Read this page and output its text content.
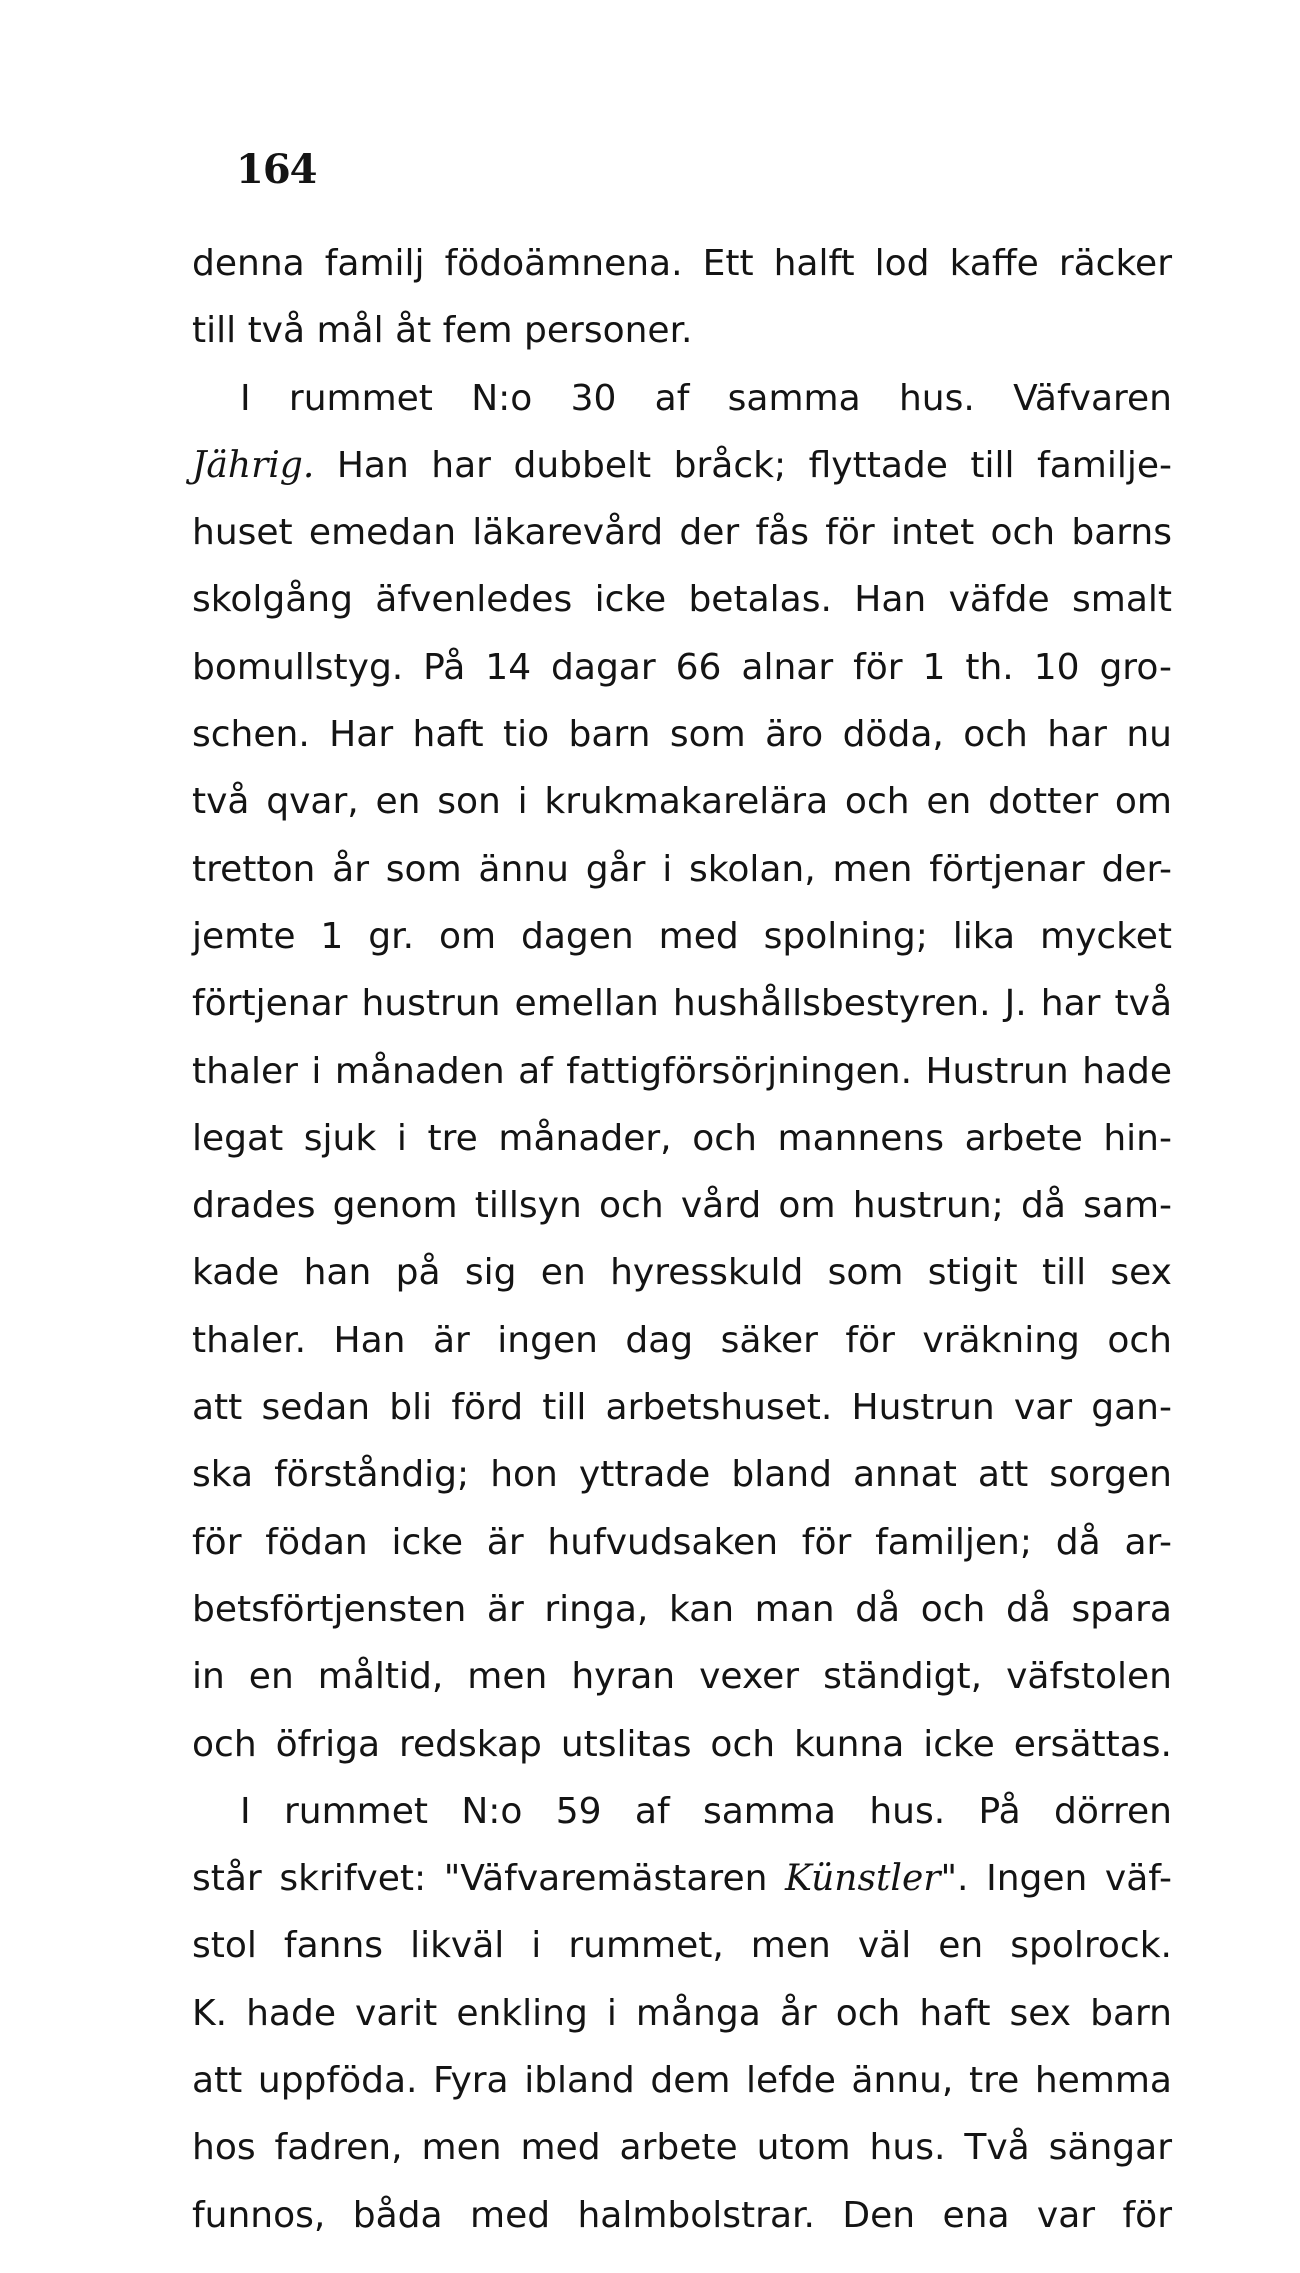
164
denna familj födoämnena. Ett halft lod kaffe räcker
till två mål åt fem personer.
I rummet N:o 30 af samma hus. Väfvaren
Jährig. Han har dubbelt bråck; flyttade till familje-
huset emedan läkarevård der fås för intet och barns
skolgång äfvenledes icke betalas. Han väfde smalt
bomullstyg. På 14 dagar 66 alnar för 1 th. 10 gro-
schen. Har haft tio barn som äro döda, och har nu
två qvar, en son i krukmakarelära och en dotter om
tretton år som ännu går i skolan, men förtjenar der-
jemte 1 gr. om dagen med spolning; lika mycket
förtjenar hustrun emellan hushållsbestyren. J. har två
thaler i månaden af fattigförsörjningen. Hustrun hade
legat sjuk i tre månader, och mannens arbete hin-
drades genom tillsyn och vård om hustrun; då sam-
kade han på sig en hyresskuld som stigit till sex
thaler. Han är ingen dag säker för vräkning och
att sedan bli förd till arbetshuset. Hustrun var gan-
ska förståndig; hon yttrade bland annat att sorgen
för födan icke är hufvudsaken för familjen; då ar-
betsförtjensten är ringa, kan man då och då spara
in en måltid, men hyran vexer ständigt, väfstolen
och öfriga redskap utslitas och kunna icke ersättas.
I rummet N:o 59 af samma hus. På dörren
står skrifvet: "Väfvaremästaren Künstler". Ingen väf-
stol fanns likväl i rummet, men väl en spolrock.
K. hade varit enkling i många år och haft sex barn
att uppföda. Fyra ibland dem lefde ännu, tre hemma
hos fadren, men med arbete utom hus. Två sängar
funnos, båda med halmbolstrar. Den ena var för
